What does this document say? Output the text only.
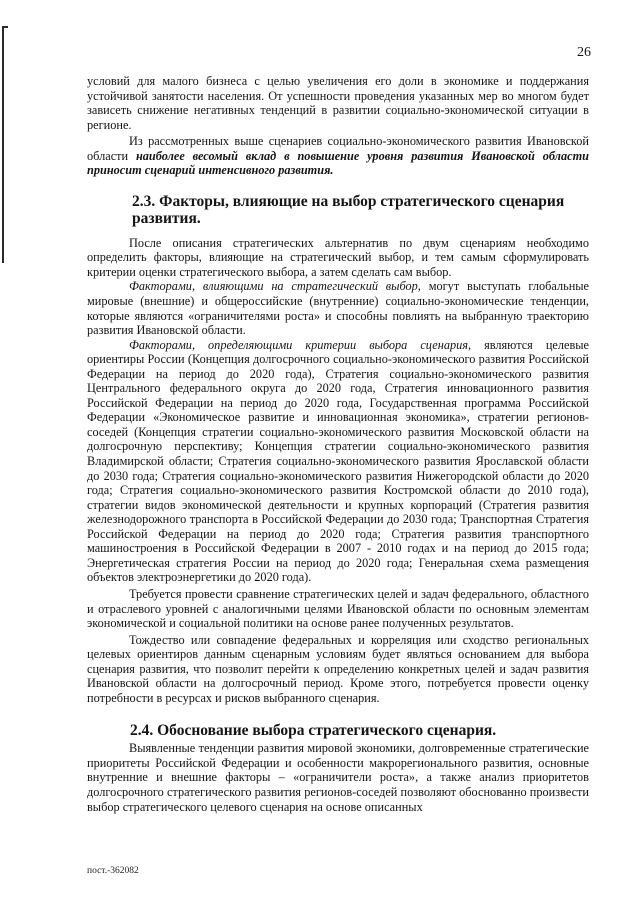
26

условий для малого бизнеса с целью увеличения его доли в экономике и поддержания устойчивой занятости населения. От успешности проведения указанных мер во многом будет зависеть снижение негативных тенденций в развитии социально-экономической ситуации в регионе.

Из рассмотренных выше сценариев социально-экономического развития Ивановской области наиболее весомый вклад в повышение уровня развития Ивановской области приносит сценарий интенсивного развития.

2.3. Факторы, влияющие на выбор стратегического сценария развития.

После описания стратегических альтернатив по двум сценариям необходимо определить факторы, влияющие на стратегический выбор, и тем самым сформулировать критерии оценки стратегического выбора, а затем сделать сам выбор.

Факторами, влияющими на стратегический выбор, могут выступать глобальные мировые (внешние) и общероссийские (внутренние) социально-экономические тенденции, которые являются «ограничителями роста» и способны повлиять на выбранную траекторию развития Ивановской области.

Факторами, определяющими критерии выбора сценария, являются целевые ориентиры России (Концепция долгосрочного социально-экономического развития Российской Федерации на период до 2020 года), Стратегия социально-экономического развития Центрального федерального округа до 2020 года, Стратегия инновационного развития Российской Федерации на период до 2020 года, Государственная программа Российской Федерации «Экономическое развитие и инновационная экономика», стратегии регионов-соседей (Концепция стратегии социально-экономического развития Московской области на долгосрочную перспективу; Концепция стратегии социально-экономического развития Владимирской области; Стратегия социально-экономического развития Ярославской области до 2030 года; Стратегия социально-экономического развития Нижегородской области до 2020 года; Стратегия социально-экономического развития Костромской области до 2010 года), стратегии видов экономической деятельности и крупных корпораций (Стратегия развития железнодорожного транспорта в Российской Федерации до 2030 года; Транспортная Стратегия Российской Федерации на период до 2020 года; Стратегия развития транспортного машиностроения в Российской Федерации в 2007 - 2010 годах и на период до 2015 года; Энергетическая стратегия России на период до 2020 года; Генеральная схема размещения объектов электроэнергетики до 2020 года).

Требуется провести сравнение стратегических целей и задач федерального, областного и отраслевого уровней с аналогичными целями Ивановской области по основным элементам экономической и социальной политики на основе ранее полученных результатов.

Тождество или совпадение федеральных и корреляция или сходство региональных целевых ориентиров данным сценарным условиям будет являться основанием для выбора сценария развития, что позволит перейти к определению конкретных целей и задач развития Ивановской области на долгосрочный период. Кроме этого, потребуется провести оценку потребности в ресурсах и рисков выбранного сценария.

2.4. Обоснование выбора стратегического сценария.

Выявленные тенденции развития мировой экономики, долговременные стратегические приоритеты Российской Федерации и особенности макрорегионального развития, основные внутренние и внешние факторы – «ограничители роста», а также анализ приоритетов долгосрочного стратегического развития регионов-соседей позволяют обоснованно произвести выбор стратегического целевого сценария на основе описанных

пост.-362082
